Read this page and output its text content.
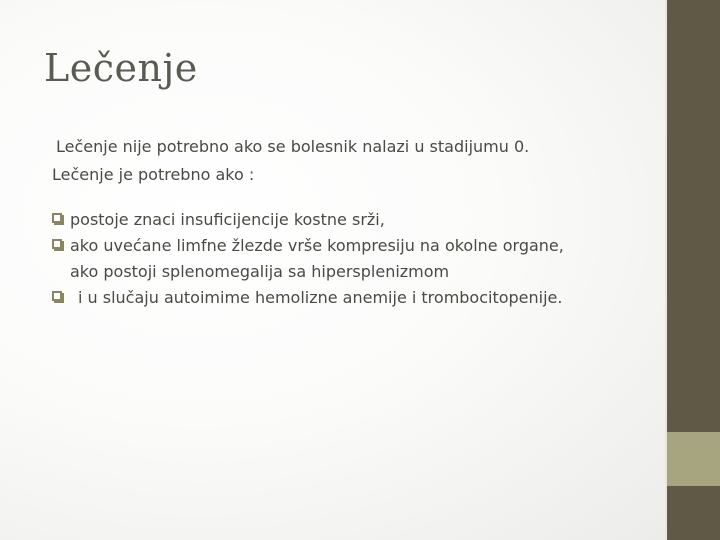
Lečenje
Lečenje nije potrebno ako se bolesnik nalazi u stadijumu 0.
Lečenje je potrebno ako :
postoje znaci insuficijencije kostne srži,
ako uvećane limfne žlezde vrše kompresiju na okolne organe,
ako postoji splenomegalija sa hipersplenizmom
i u slučaju autoimime hemolizne anemije i trombocitopenije.
